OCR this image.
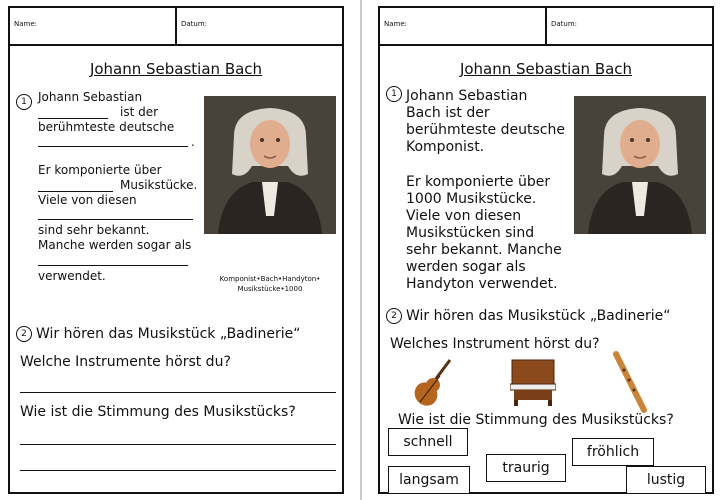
Name:	Datum:
Johann Sebastian Bach
1 Johann Sebastian
ist der
berühmteste deutsche
.
Er komponierte über
Musikstücke.
Viele von diesen
sind sehr bekannt.
Manche werden sogar als
verwendet.	Komponist•Bach•Handyton•
Musikstücke•1000
2 Wir hören das Musikstück „Badinerie“
Welche Instrumente hörst du?
Wie ist die Stimmung des Musikstücks?
Name:	Datum:
Johann Sebastian Bach
1 Johann Sebastian
Bach ist der
berühmteste deutsche
Komponist.
Er komponierte über
1000 Musikstücke.
Viele von diesen
Musikstücken sind
sehr bekannt. Manche
werden sogar als
Handyton verwendet.
2 Wir hören das Musikstück „Badinerie“
Welches Instrument hörst du?
Wie ist die Stimmung des Musikstücks?
schnell
fröhlich
traurig
langsam	lustig
